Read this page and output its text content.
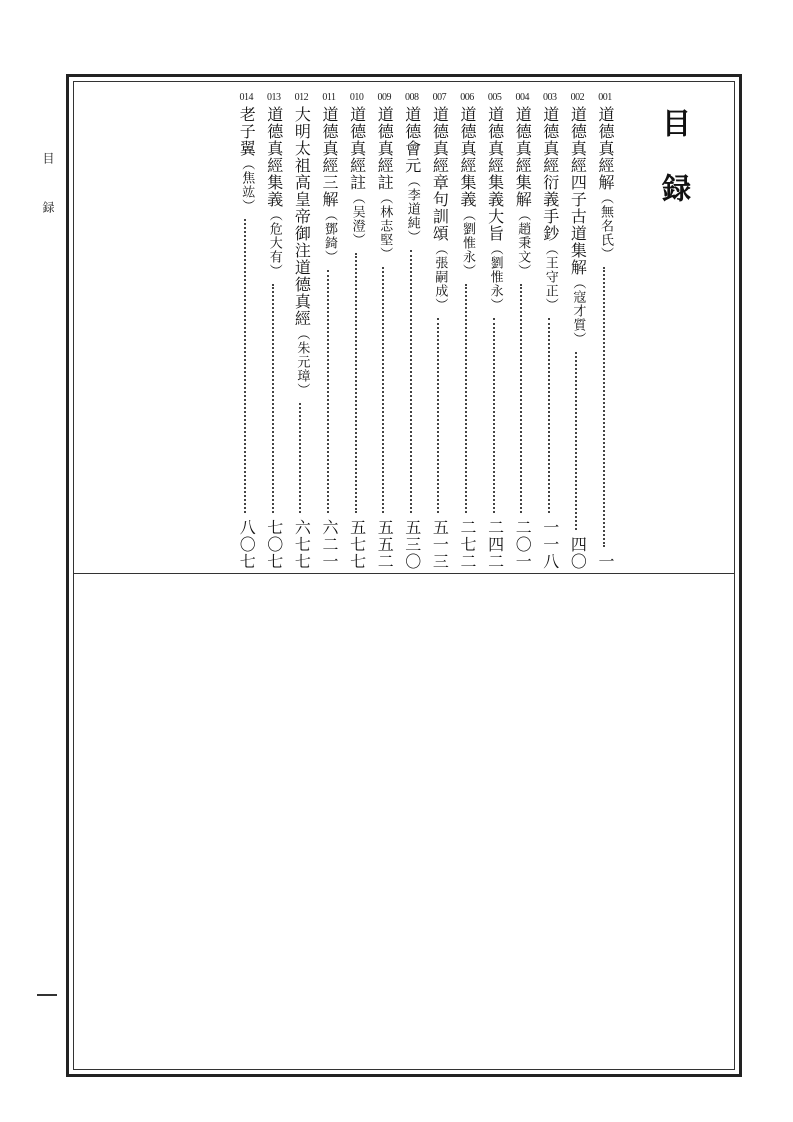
目
録	目録
001
道德真經解（無名氏）
一
002
道德真經四子古道集解（寇才質）
四〇
003
道德真經衍義手鈔（王守正）
一一八
004
道德真經集解（趙秉文）
二〇一
005
道德真經集義大旨（劉惟永）
二四二
006
道德真經集義（劉惟永）
二七二
007
道德真經章句訓頌（張嗣成）
五一三
008
道德會元（李道純）
五三〇
009
道德真經註（林志堅）
五五二
010
道德真經註（吴澄）
五七七
011
道德真經三解（鄧錡）
六二一
012
大明太祖高皇帝御注道德真經（朱元璋）
六七七
013
道德真經集義（危大有）
七〇七
014
老子翼（焦竑）
八〇七
